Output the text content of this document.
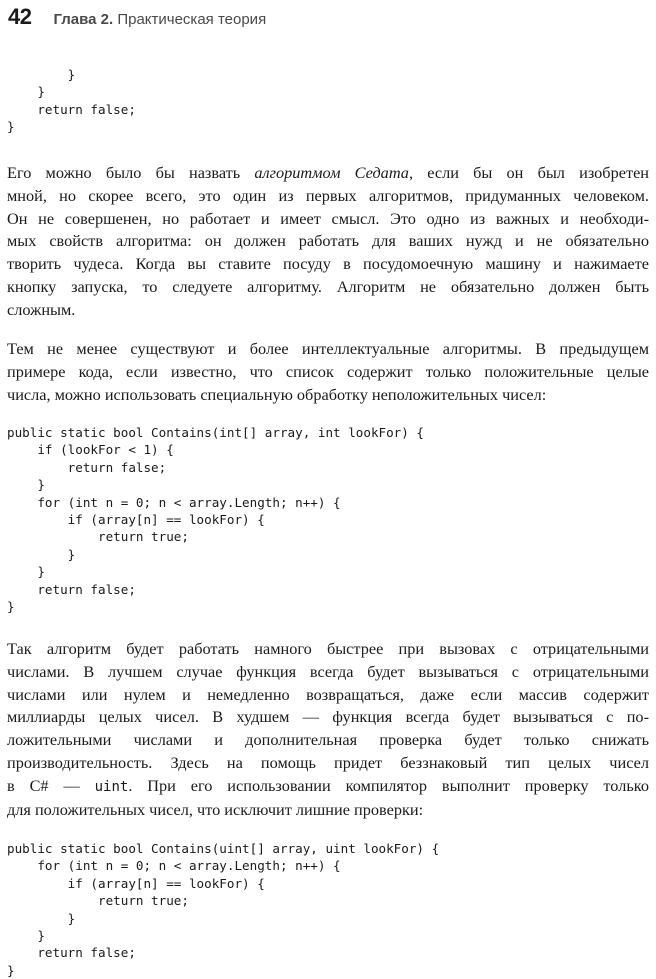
42 Глава 2. Практическая теория
}
}
return false;
}
Его можно было бы назвать алгоритмом Седата, если бы он был изобретен
мной, но скорее всего, это один из первых алгоритмов, придуманных человеком.
Он не совершенен, но работает и имеет смысл. Это одно из важных и необходи-
мых свойств алгоритма: он должен работать для ваших нужд и не обязательно
творить чудеса. Когда вы ставите посуду в посудомоечную машину и нажимаете
кнопку запуска, то следуете алгоритму. Алгоритм не обязательно должен быть
сложным.
Тем не менее существуют и более интеллектуальные алгоритмы. В предыдущем
примере кода, если известно, что список содержит только положительные целые
числа, можно использовать специальную обработку неположительных чисел:
public static bool Contains(int[] array, int lookFor) {
if (lookFor < 1) {
return false;
}
for (int n = 0; n < array.Length; n++) {
if (array[n] == lookFor) {
return true;
}
}
return false;
}
Так алгоритм будет работать намного быстрее при вызовах с отрицательными
числами. В лучшем случае функция всегда будет вызываться с отрицательными
числами или нулем и немедленно возвращаться, даже если массив содержит
миллиарды целых чисел. В худшем — функция всегда будет вызываться с по-
ложительными числами и дополнительная проверка будет только снижать
производительность. Здесь на помощь придет беззнаковый тип целых чисел
в C# — uint. При его использовании компилятор выполнит проверку только
для положительных чисел, что исключит лишние проверки:
public static bool Contains(uint[] array, uint lookFor) {
for (int n = 0; n < array.Length; n++) {
if (array[n] == lookFor) {
return true;
}
}
return false;
}
